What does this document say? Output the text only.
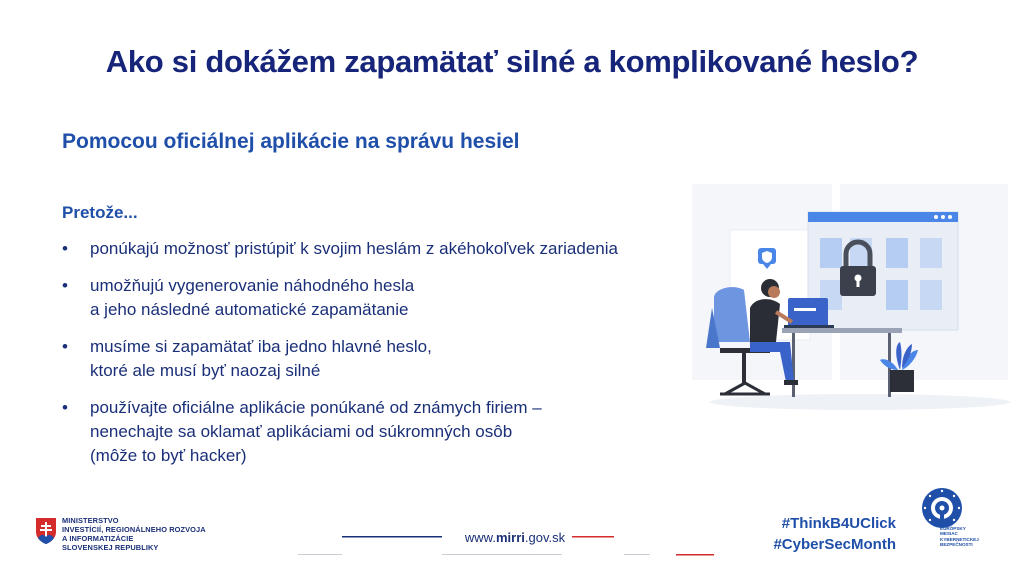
Ako si dokážem zapamätať silné a komplikované heslo?
Pomocou oficiálnej aplikácie na správu hesiel
Pretože...
•	ponúkajú možnosť pristúpiť k svojim heslám z akéhokoľvek zariadenia
•	umožňujú vygenerovanie náhodného hesla
a jeho následné automatické zapamätanie
•	musíme si zapamätať iba jedno hlavné heslo,
ktoré ale musí byť naozaj silné
•	používajte oficiálne aplikácie ponúkané od známych firiem –
nenechajte sa oklamať aplikáciami od súkromných osôb
(môže to byť hacker)
MINISTERSTVO
INVESTÍCIÍ, REGIONÁLNEHO ROZVOJA
A INFORMATIZÁCIE
SLOVENSKEJ REPUBLIKY
www.mirri.gov.sk
#ThinkB4UClick
#CyberSecMonth
EURÓPSKY
MESIAC
KYBERNETICKEJ
BEZPEČNOSTI
